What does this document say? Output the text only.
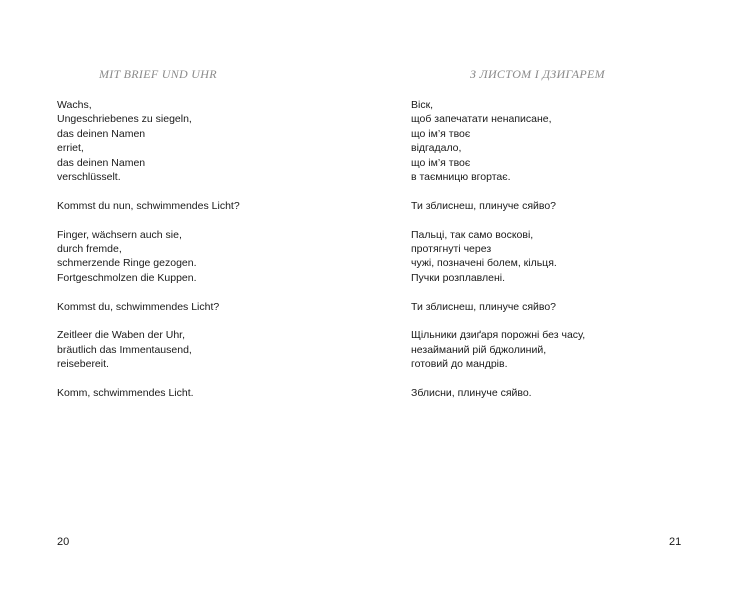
MIT BRIEF UND UHR

Wachs,
Ungeschriebenes zu siegeln,
das deinen Namen
erriet,
das deinen Namen
verschlüsselt.

Kommst du nun, schwimmendes Licht?

Finger, wächsern auch sie,
durch fremde,
schmerzende Ringe gezogen.
Fortgeschmolzen die Kuppen.

Kommst du, schwimmendes Licht?

Zeitleer die Waben der Uhr,
bräutlich das Immentausend,
reisebereit.

Komm, schwimmendes Licht.

20
З ЛИСТОМ І ДЗИГАРЕМ

Віск,
щоб запечатати ненаписане,
що ім’я твоє
відгадало,
що ім’я твоє
в таємницю вгортає.

Ти зблиснеш, плинуче сяйво?

Пальці, так само воскові,
протягнуті через
чужі, позначені болем, кільця.
Пучки розплавлені.

Ти зблиснеш, плинуче сяйво?

Щільники дзиґаря порожні без часу,
незайманий рій бджолиний,
готовий до мандрів.

Зблисни, плинуче сяйво.

21
